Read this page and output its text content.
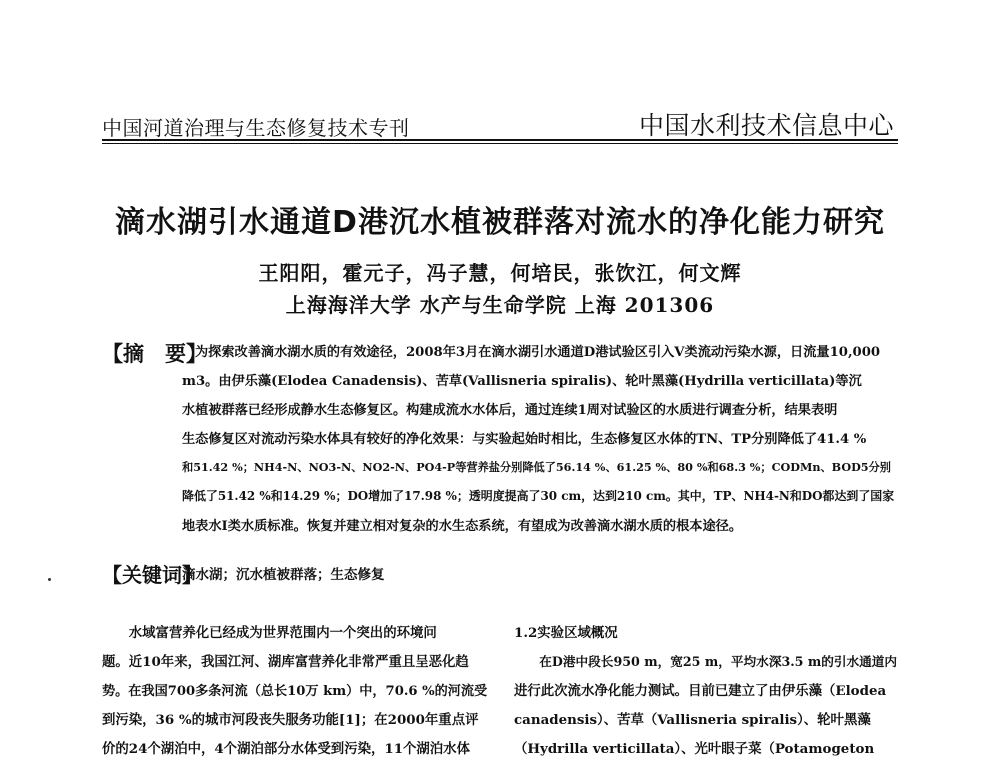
中国河道治理与生态修复技术专刊	中国水利技术信息中心
滴水湖引水通道D港沉水植被群落对流水的净化能力研究
王阳阳，霍元子，冯子慧，何培民，张饮江，何文辉
上海海洋大学 水产与生命学院 上海 201306
【摘　要】
为探索改善滴水湖水质的有效途径，2008年3月在滴水湖引水通道D港试验区引入V类流动污染水源，日流量10,000
m3。由伊乐藻(Elodea Canadensis)、苦草(Vallisneria spiralis)、轮叶黑藻(Hydrilla verticillata)等沉
水植被群落已经形成静水生态修复区。构建成流水水体后，通过连续1周对试验区的水质进行调查分析，结果表明
生态修复区对流动污染水体具有较好的净化效果：与实验起始时相比，生态修复区水体的TN、TP分别降低了41.4 %
和51.42 %；NH4-N、NO3-N、NO2-N、PO4-P等营养盐分别降低了56.14 %、61.25 %、80 %和68.3 %；CODMn、BOD5分别
降低了51.42 %和14.29 %；DO增加了17.98 %；透明度提高了30 cm，达到210 cm。其中，TP、NH4-N和DO都达到了国家
地表水I类水质标准。恢复并建立相对复杂的水生态系统，有望成为改善滴水湖水质的根本途径。
【关键词】
滴水湖；沉水植被群落；生态修复
　　水域富营养化已经成为世界范围内一个突出的环境问
题。近10年来，我国江河、湖库富营养化非常严重且呈恶化趋
势。在我国700多条河流（总长10万 km）中，70.6 %的河流受
到污染，36 %的城市河段丧失服务功能[1]；在2000年重点评
价的24个湖泊中，4个湖泊部分水体受到污染，11个湖泊水体
1.2实验区域概况
　　在D港中段长950 m，宽25 m，平均水深3.5 m的引水通道内
进行此次流水净化能力测试。目前已建立了由伊乐藻（Elodea
canadensis）、苦草（Vallisneria spiralis）、轮叶黑藻
（Hydrilla verticillata）、光叶眼子菜（Potamogeton
